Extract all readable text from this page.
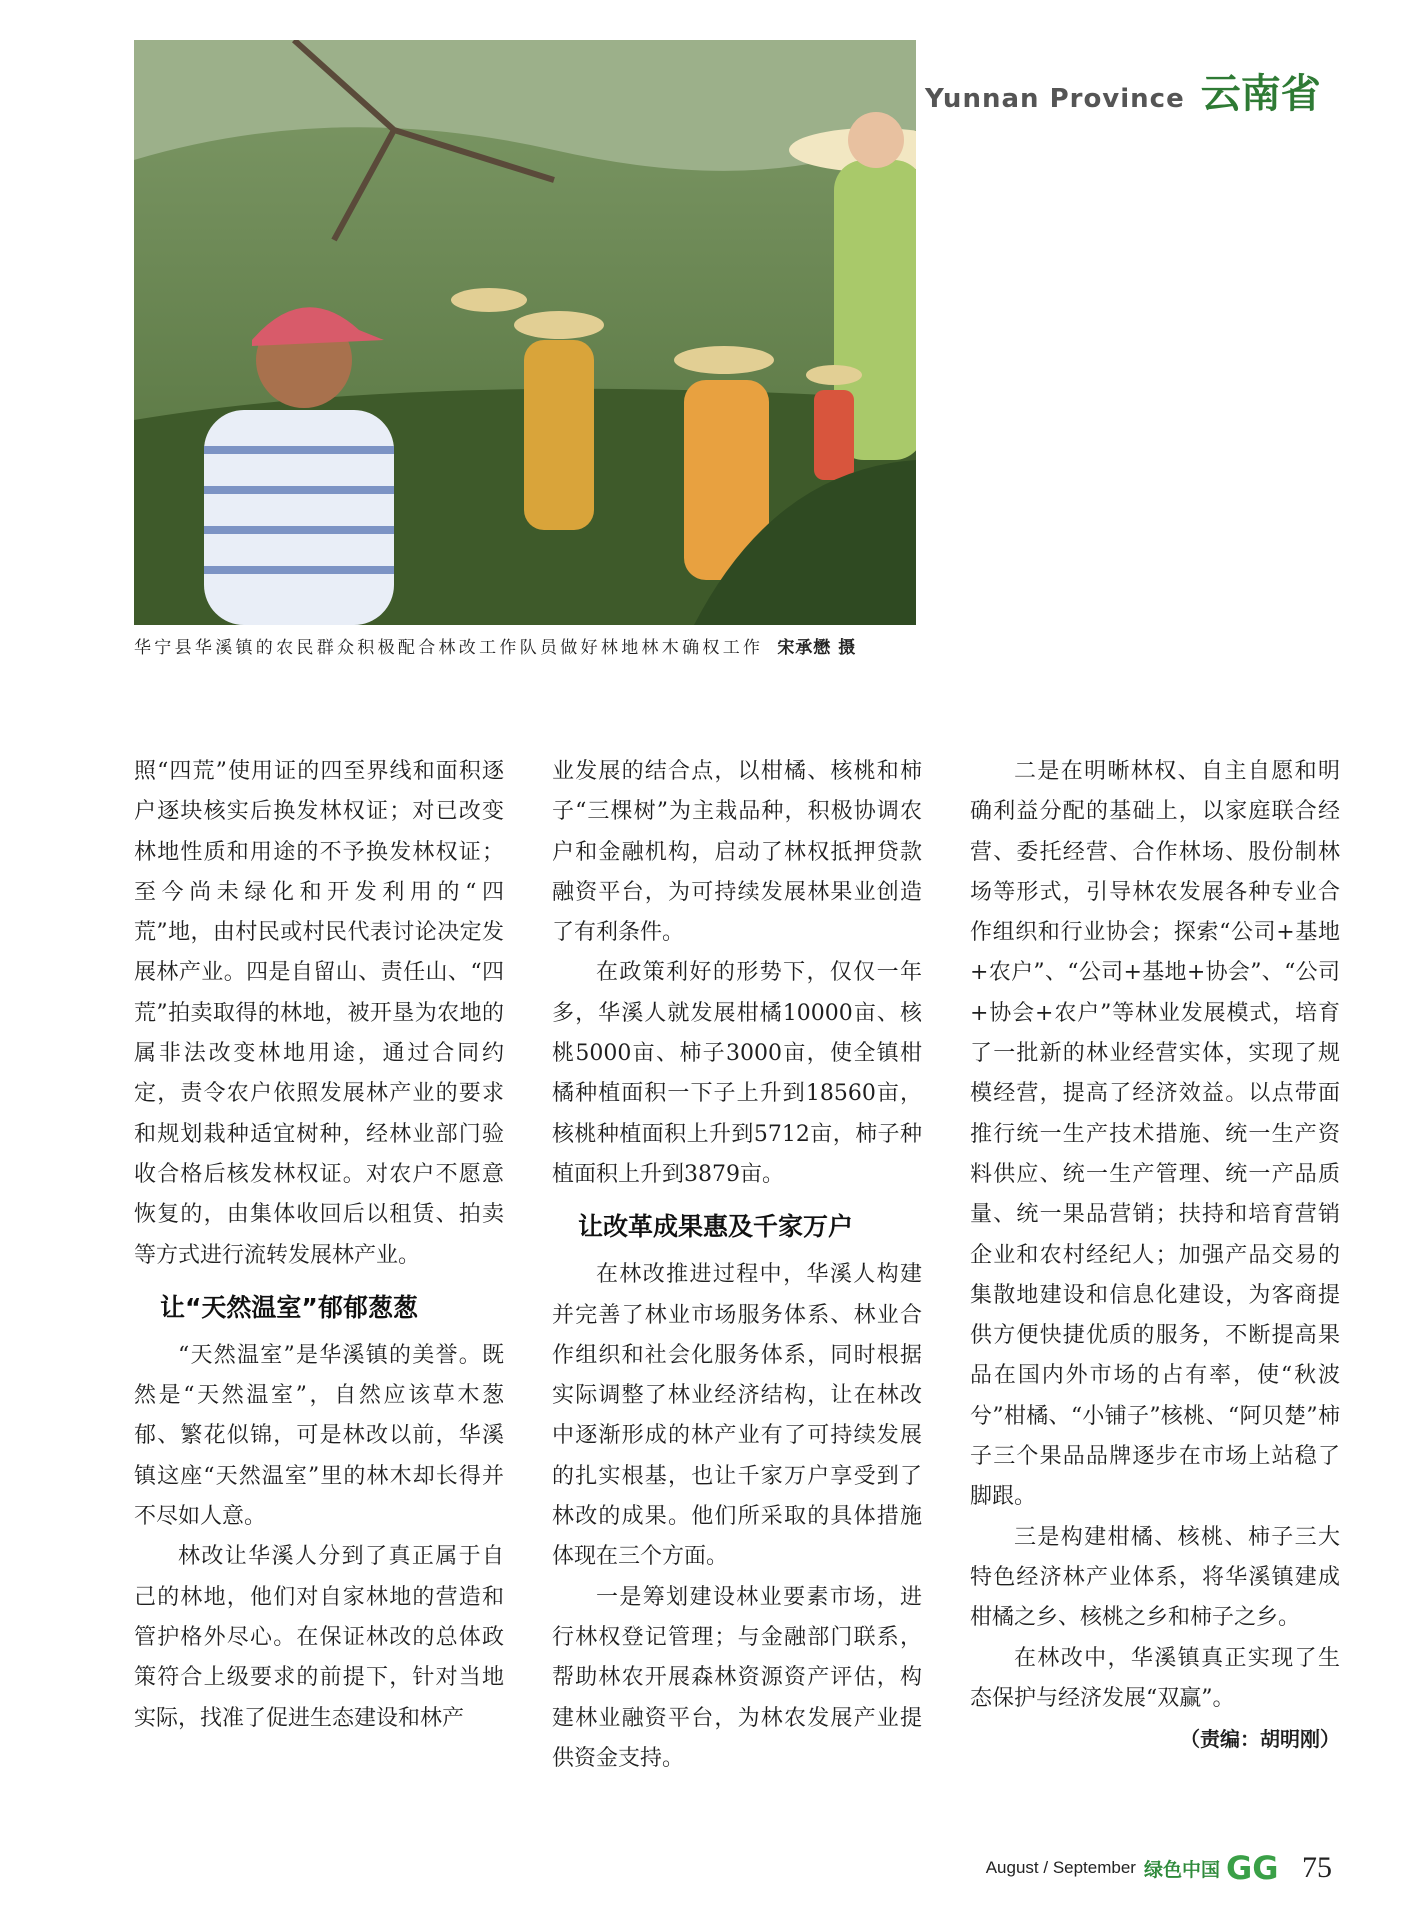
Yunnan Province 云南省
华宁县华溪镇的农民群众积极配合林改工作队员做好林地林木确权工作 宋承懋 摄

照“四荒”使用证的四至界线和面积逐户逐块核实后换发林权证；对已改变林地性质和用途的不予换发林权证；至今尚未绿化和开发利用的“四荒”地，由村民或村民代表讨论决定发展林产业。四是自留山、责任山、“四荒”拍卖取得的林地，被开垦为农地的属非法改变林地用途，通过合同约定，责令农户依照发展林产业的要求和规划栽种适宜树种，经林业部门验收合格后核发林权证。对农户不愿意恢复的，由集体收回后以租赁、拍卖等方式进行流转发展林产业。

让“天然温室”郁郁葱葱

“天然温室”是华溪镇的美誉。既然是“天然温室”，自然应该草木葱郁、繁花似锦，可是林改以前，华溪镇这座“天然温室”里的林木却长得并不尽如人意。

林改让华溪人分到了真正属于自己的林地，他们对自家林地的营造和管护格外尽心。在保证林改的总体政策符合上级要求的前提下，针对当地实际，找准了促进生态建设和林产

业发展的结合点，以柑橘、核桃和柿子“三棵树”为主栽品种，积极协调农户和金融机构，启动了林权抵押贷款融资平台，为可持续发展林果业创造了有利条件。

在政策利好的形势下，仅仅一年多，华溪人就发展柑橘10000亩、核桃5000亩、柿子3000亩，使全镇柑橘种植面积一下子上升到18560亩，核桃种植面积上升到5712亩，柿子种植面积上升到3879亩。

让改革成果惠及千家万户

在林改推进过程中，华溪人构建并完善了林业市场服务体系、林业合作组织和社会化服务体系，同时根据实际调整了林业经济结构，让在林改中逐渐形成的林产业有了可持续发展的扎实根基，也让千家万户享受到了林改的成果。他们所采取的具体措施体现在三个方面。

一是筹划建设林业要素市场，进行林权登记管理；与金融部门联系，帮助林农开展森林资源资产评估，构建林业融资平台，为林农发展产业提供资金支持。

二是在明晰林权、自主自愿和明确利益分配的基础上，以家庭联合经营、委托经营、合作林场、股份制林场等形式，引导林农发展各种专业合作组织和行业协会；探索“公司+基地+农户”、“公司+基地+协会”、“公司+协会+农户”等林业发展模式，培育了一批新的林业经营实体，实现了规模经营，提高了经济效益。以点带面推行统一生产技术措施、统一生产资料供应、统一生产管理、统一产品质量、统一果品营销；扶持和培育营销企业和农村经纪人；加强产品交易的集散地建设和信息化建设，为客商提供方便快捷优质的服务，不断提高果品在国内外市场的占有率，使“秋波兮”柑橘、“小铺子”核桃、“阿贝楚”柿子三个果品品牌逐步在市场上站稳了脚跟。

三是构建柑橘、核桃、柿子三大特色经济林产业体系，将华溪镇建成柑橘之乡、核桃之乡和柿子之乡。

在林改中，华溪镇真正实现了生态保护与经济发展“双赢”。

（责编：胡明刚）
August / September 绿色中国 GG 75
